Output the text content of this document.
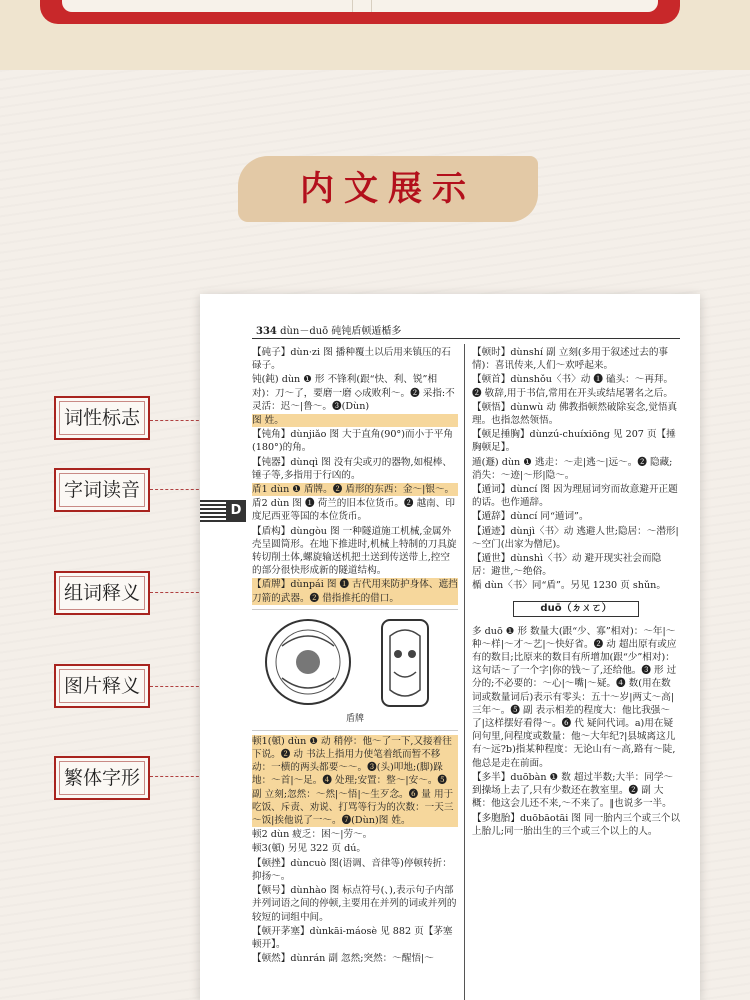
内文展示
词性标志
字词读音
组词释义
图片释义
繁体字形
334 dùn－duō 砘钝盾顿遁楯多
D
【砘子】dùn·zi 图 播种覆土以后用来镇压的石碌子。
钝(鈍) dùn ❶ 形 不锋利(跟“快、利、锐”相对)：刀～了，要磨一磨 ◇成败利～。❷ 采指:不灵活：迟～|鲁～。❸(Dùn)
图 姓。
【钝角】dùnjiǎo 图 大于直角(90°)而小于平角(180°)的角。
【钝器】dùnqì 图 没有尖或刃的器物,如棍棒、锤子等,多指用于行凶的。
盾1 dùn ❶ 盾牌。❷ 盾形的东西：金～|银～。
盾2 dùn 图 ❶ 荷兰的旧本位货币。❷ 越南、印度尼西亚等国的本位货币。
【盾构】dùngòu 图 一种隧道施工机械,金属外壳呈圆筒形。在地下推进时,机械上特制的刀具旋转切削土体,螺旋输送机把土送到传送带上,控空的部分很快形成新的隧道结构。
【盾牌】dùnpái 图 ❶ 古代用来防护身体、遮挡刀箭的武器。❷ 借指推托的借口。
盾牌
顿1(頓) dùn ❶ 动 稍停：他～了一下,又接着往下说。❷ 动 书法上指用力使笔着纸而暂不移动：一横的两头都要～～。❸(头)叩地;(脚)跺地：～首|～足。❹ 处理;安置：整～|安～。❺ 副 立刻;忽然：～然|～悟|～生歹念。❻ 量 用于吃饭、斥责、劝说、打骂等行为的次数：一天三～饭|挨他说了一～。❼(Dùn)图 姓。
顿2 dùn 疲乏：困～|劳～。
顿3(頓) 另见 322 页 dú。
【顿挫】dùncuò 图(语调、音律等)停顿转折：抑扬～。
【顿号】dùnhào 图 标点符号(、),表示句子内部并列词语之间的停顿,主要用在并列的词或并列的较短的词组中间。
【顿开茅塞】dùnkāi-máosè 见 882 页【茅塞顿开】。
【顿然】dùnrán 副 忽然;突然：～醒悟|～
【顿时】dùnshí 副 立刻(多用于叙述过去的事情)：喜讯传来,人们～欢呼起来。
【顿首】dùnshǒu〈书〉动 ❶ 磕头：～再拜。❷ 敬辞,用于书信,常用在开头或结尾署名之后。
【顿悟】dùnwù 动 佛教指顿然破除妄念,觉悟真理。也指忽然领悟。
【顿足捶胸】dùnzú-chuíxiōng 见 207 页【捶胸顿足】。
遁(遯) dùn ❶ 逃走：～走|逃～|远～。❷ 隐藏;消失：～迹|～形|隐～。
【遁词】dùncí 图 因为理屈词穷而故意避开正题的话。也作遁辞。
【遁辞】dùncí 同“遁词”。
【遁迹】dùnjì〈书〉动 逃避人世;隐居：～潜形|～空门(出家为僧尼)。
【遁世】dùnshì〈书〉动 避开现实社会而隐居：避世,～绝俗。
楯 dùn〈书〉同“盾”。另见 1230 页 shǔn。
duō（ㄉㄨㄛ）
多 duō ❶ 形 数量大(跟“少、寡”相对)：～年|～种～样|～才～艺|～快好省。❷ 动 超出原有或应有的数目;比原来的数目有所增加(跟“少”相对)：这句话～了一个字|你的钱～了,还给他。❸ 形 过分的;不必要的：～心|～嘴|～疑。❹ 数(用在数词或数量词后)表示有零头：五十～岁|两丈～高|三年～。❺ 副 表示相差的程度大：他比我强～了|这样摆好看得～。❻ 代 疑问代词。a)用在疑问句里,问程度或数量：他～大年纪?|县城离这儿有～远?b)指某种程度：无论山有～高,路有～陡,他总是走在前面。
【多半】duōbàn ❶ 数 超过半数;大半：同学～到操场上去了,只有少数还在教室里。❷ 副 大概：他这会儿还不来,～不来了。‖也说多一半。
【多胞胎】duōbāotāi 图 同一胎内三个或三个以上胎儿;同一胎出生的三个或三个以上的人。
